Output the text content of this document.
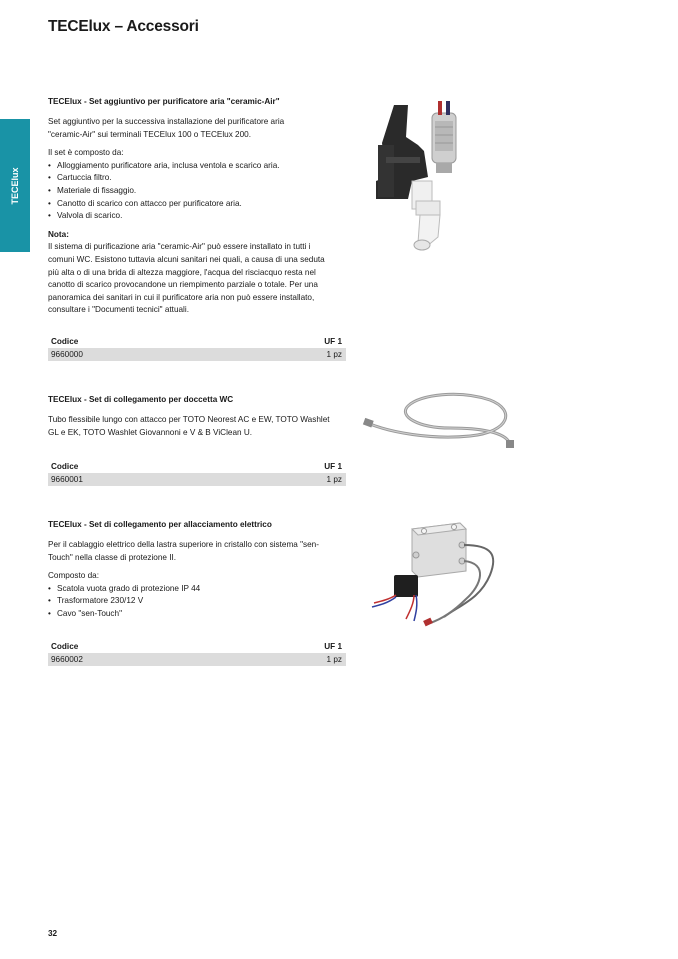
TECElux – Accessori
TECElux
TECElux - Set aggiuntivo per purificatore aria "ceramic-Air"
Set aggiuntivo per la successiva installazione del purificatore aria
"ceramic-Air" sui terminali TECElux 100 o TECElux 200.
Il set è composto da:
• Alloggiamento purificatore aria, inclusa ventola e scarico aria.
• Cartuccia filtro.
• Materiale di fissaggio.
• Canotto di scarico con attacco per purificatore aria.
• Valvola di scarico.
Nota:
Il sistema di purificazione aria "ceramic-Air" può essere installato in tutti i
comuni WC. Esistono tuttavia alcuni sanitari nei quali, a causa di una seduta
più alta o di una brida di altezza maggiore, l'acqua del risciacquo resta nel
canotto di scarico provocandone un riempimento parziale o totale. Per una
panoramica dei sanitari in cui il purificatore aria non può essere installato,
consultare i "Documenti tecnici" attuali.
Codice	UF 1
9660000	1 pz
TECElux - Set di collegamento per doccetta WC
Tubo flessibile lungo con attacco per TOTO Neorest AC e EW, TOTO Washlet
GL e EK, TOTO Washlet Giovannoni e V & B ViClean U.
Codice	UF 1
9660001	1 pz
TECElux - Set di collegamento per allacciamento elettrico
Per il cablaggio elettrico della lastra superiore in cristallo con sistema "sen-
Touch" nella classe di protezione II.
Composto da:
• Scatola vuota grado di protezione IP 44
• Trasformatore 230/12 V
• Cavo "sen-Touch"
Codice	UF 1
9660002	1 pz
32
